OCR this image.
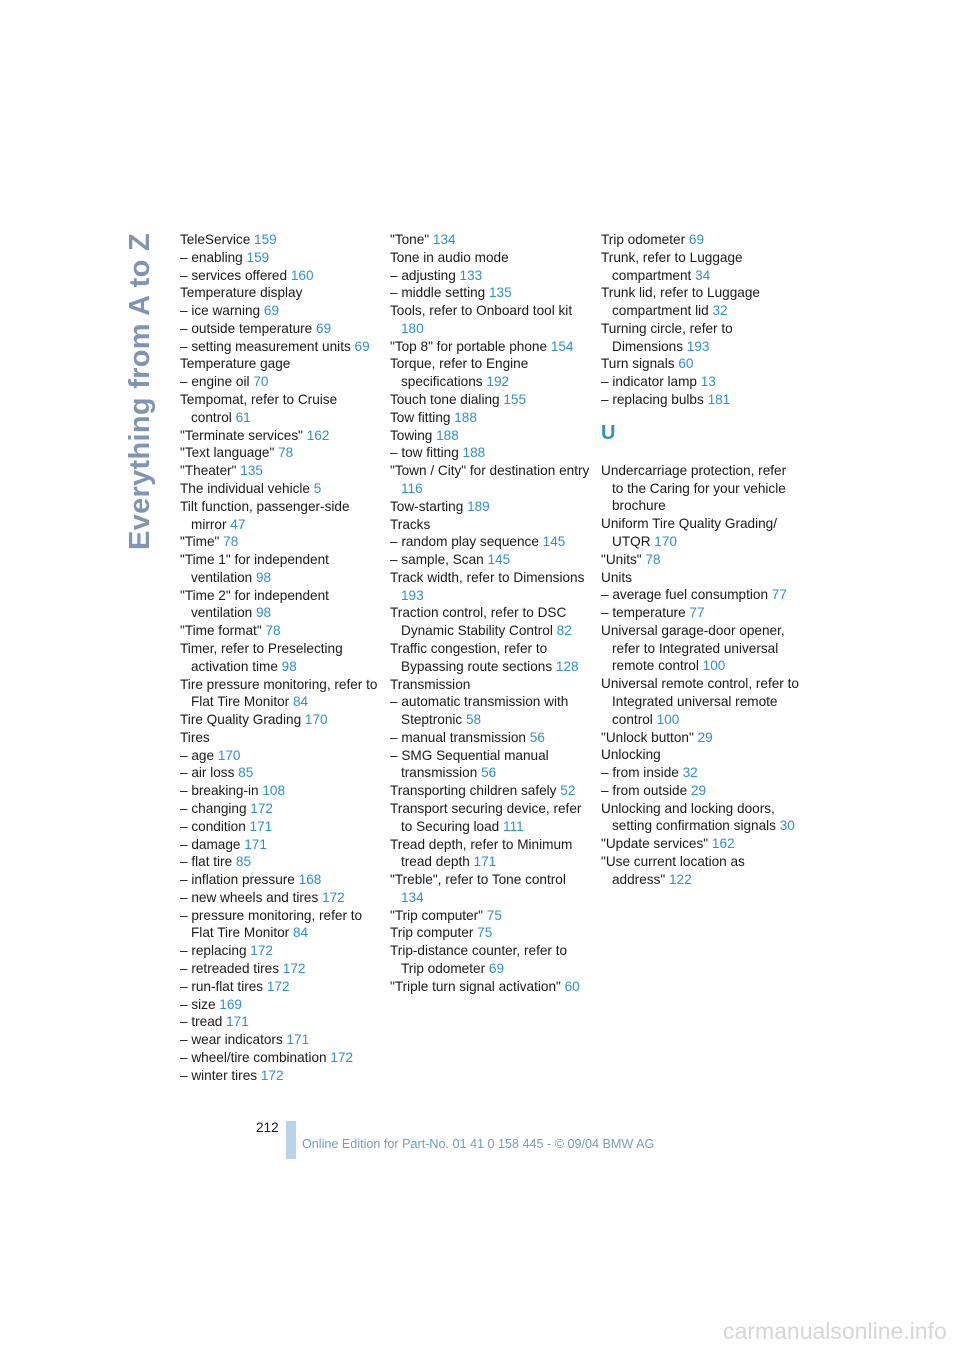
Everything from A to Z TeleService 159
– enabling 159
– services offered 160
Temperature display
– ice warning 69
– outside temperature 69
– setting measurement units 69
Temperature gage
– engine oil 70
Tempomat, refer to Cruise control 61
"Terminate services" 162
"Text language" 78
"Theater" 135
The individual vehicle 5
Tilt function, passenger-side mirror 47
"Time" 78
"Time 1" for independent ventilation 98
"Time 2" for independent ventilation 98
"Time format" 78
Timer, refer to Preselecting activation time 98
Tire pressure monitoring, refer to Flat Tire Monitor 84
Tire Quality Grading 170
Tires
– age 170
– air loss 85
– breaking-in 108
– changing 172
– condition 171
– damage 171
– flat tire 85
– inflation pressure 168
– new wheels and tires 172
– pressure monitoring, refer to Flat Tire Monitor 84
– replacing 172
– retreaded tires 172
– run-flat tires 172
– size 169
– tread 171
– wear indicators 171
– wheel/tire combination 172
– winter tires 172
"Tone" 134
Tone in audio mode
– adjusting 133
– middle setting 135
Tools, refer to Onboard tool kit 180
"Top 8" for portable phone 154
Torque, refer to Engine specifications 192
Touch tone dialing 155
Tow fitting 188
Towing 188
– tow fitting 188
"Town / City" for destination entry 116
Tow-starting 189
Tracks
– random play sequence 145
– sample, Scan 145
Track width, refer to Dimensions 193
Traction control, refer to DSC Dynamic Stability Control 82
Traffic congestion, refer to Bypassing route sections 128
Transmission
– automatic transmission with Steptronic 58
– manual transmission 56
– SMG Sequential manual transmission 56
Transporting children safely 52
Transport securing device, refer to Securing load 111
Tread depth, refer to Minimum tread depth 171
"Treble", refer to Tone control 134
"Trip computer" 75
Trip computer 75
Trip-distance counter, refer to Trip odometer 69
"Triple turn signal activation" 60
Trip odometer 69
Trunk, refer to Luggage compartment 34
Trunk lid, refer to Luggage compartment lid 32
Turning circle, refer to Dimensions 193
Turn signals 60
– indicator lamp 13
– replacing bulbs 181
U
Undercarriage protection, refer to the Caring for your vehicle brochure
Uniform Tire Quality Grading/ UTQR 170
"Units" 78
Units
– average fuel consumption 77
– temperature 77
Universal garage-door opener, refer to Integrated universal remote control 100
Universal remote control, refer to Integrated universal remote control 100
"Unlock button" 29
Unlocking
– from inside 32
– from outside 29
Unlocking and locking doors, setting confirmation signals 30
"Update services" 162
"Use current location as address" 122
212
Online Edition for Part-No. 01 41 0 158 445 - © 09/04 BMW AG
carmanualsonline.info
